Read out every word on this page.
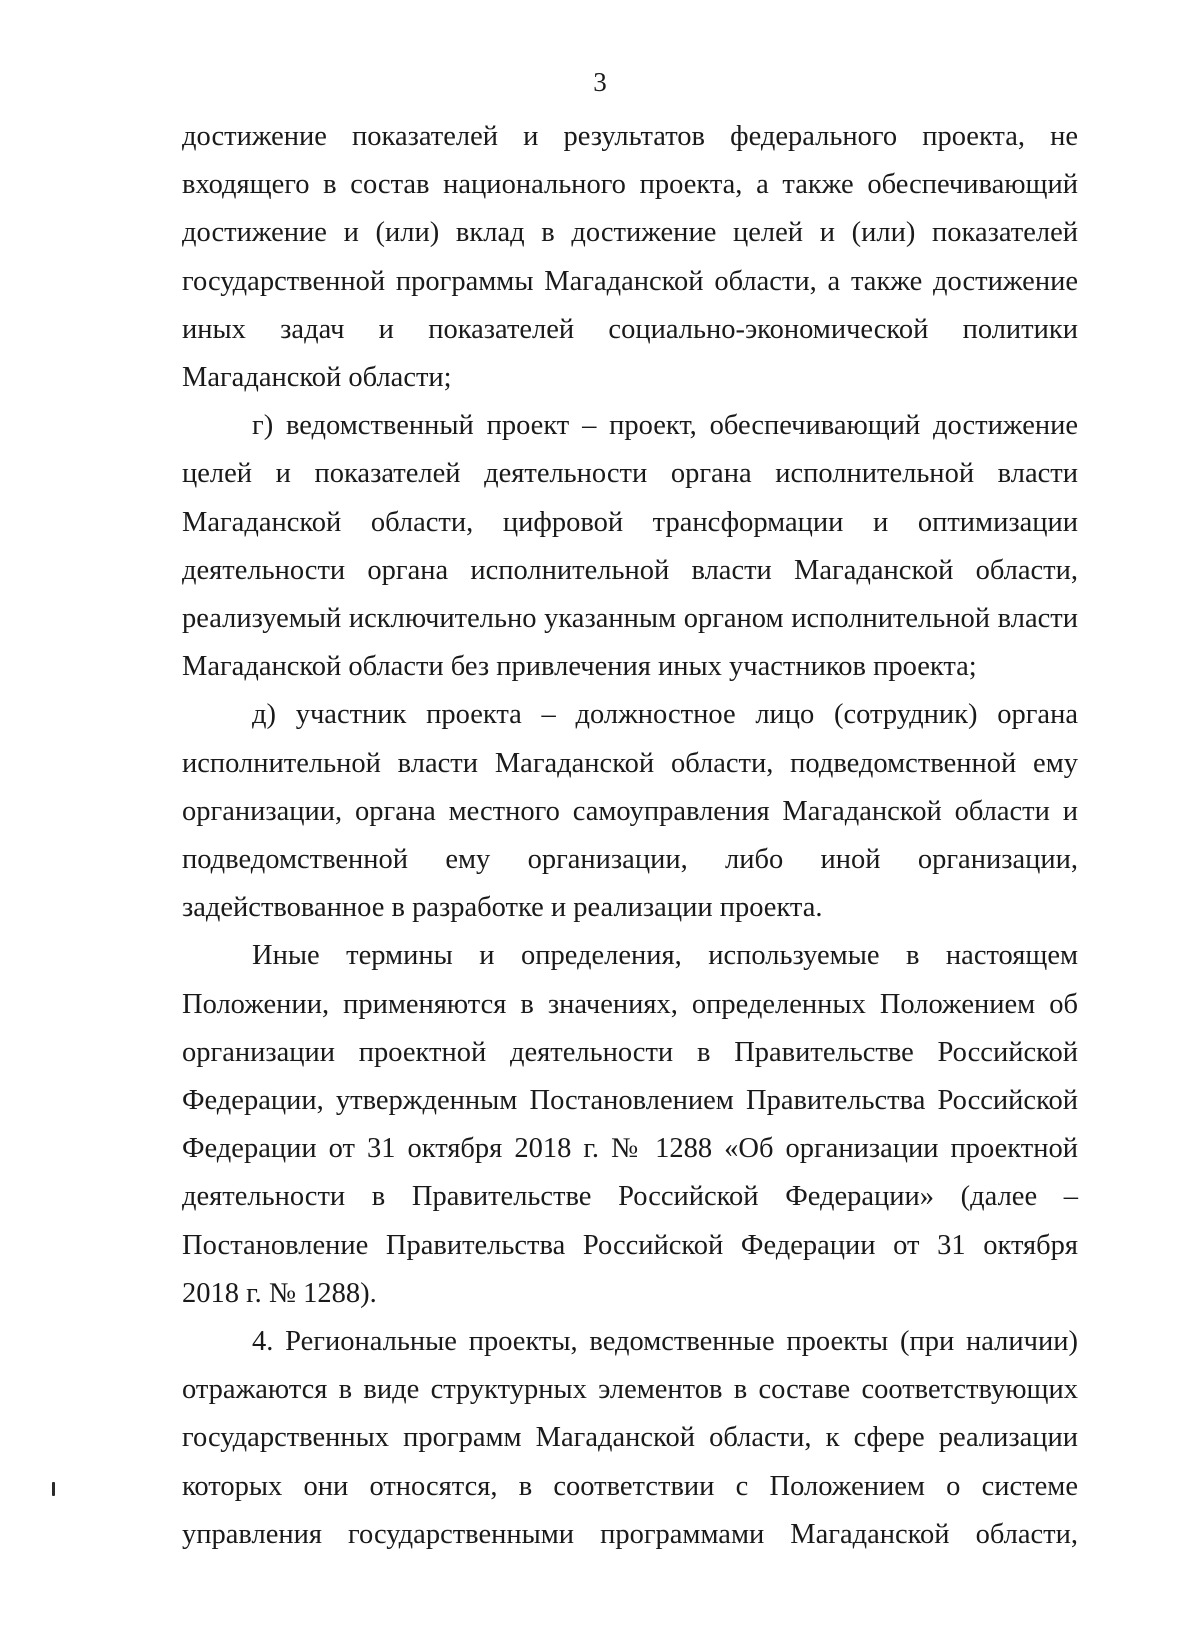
3

достижение показателей и результатов федерального проекта, не
входящего в состав национального проекта, а также обеспечивающий
достижение и (или) вклад в достижение целей и (или) показателей
государственной программы Магаданской области, а также достижение
иных задач и показателей социально-экономической политики
Магаданской области;

г) ведомственный проект – проект, обеспечивающий достижение
целей и показателей деятельности органа исполнительной власти
Магаданской области, цифровой трансформации и оптимизации
деятельности органа исполнительной власти Магаданской области,
реализуемый исключительно указанным органом исполнительной власти
Магаданской области без привлечения иных участников проекта;

д) участник проекта – должностное лицо (сотрудник) органа
исполнительной власти Магаданской области, подведомственной ему
организации, органа местного самоуправления Магаданской области и
подведомственной ему организации, либо иной организации,
задействованное в разработке и реализации проекта.

Иные термины и определения, используемые в настоящем
Положении, применяются в значениях, определенных Положением об
организации проектной деятельности в Правительстве Российской
Федерации, утвержденным Постановлением Правительства Российской
Федерации от 31 октября 2018 г. № 1288 «Об организации проектной
деятельности в Правительстве Российской Федерации» (далее –
Постановление Правительства Российской Федерации от 31 октября
2018 г. № 1288).

4. Региональные проекты, ведомственные проекты (при наличии)
отражаются в виде структурных элементов в составе соответствующих
государственных программ Магаданской области, к сфере реализации
которых они относятся, в соответствии с Положением о системе
управления государственными программами Магаданской области,
